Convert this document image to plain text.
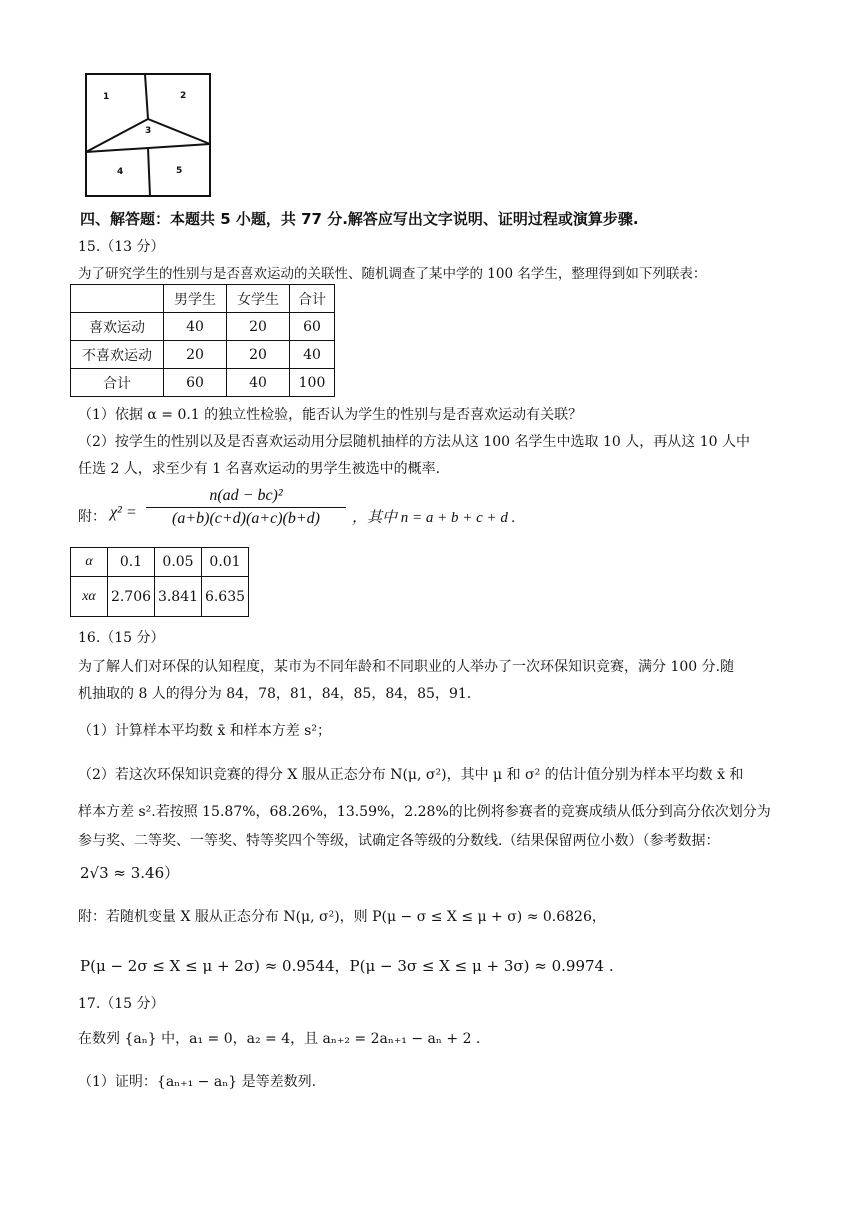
1	2
3
4	5
四、解答题：本题共 5 小题，共 77 分.解答应写出文字说明、证明过程或演算步骤.
15.（13 分）
为了研究学生的性别与是否喜欢运动的关联性、随机调查了某中学的 100 名学生，整理得到如下列联表：
	男学生	女学生	合计
喜欢运动	40	20	60
不喜欢运动	20	20	40
合计	60	40	100
（1）依据 α = 0.1 的独立性检验，能否认为学生的性别与是否喜欢运动有关联？
（2）按学生的性别以及是否喜欢运动用分层随机抽样的方法从这 100 名学生中选取 10 人，再从这 10 人中
任选 2 人，求至少有 1 名喜欢运动的男学生被选中的概率.
附： χ² =
n(ad − bc)²
(a+b)(c+d)(a+c)(b+d)	，其中 n = a + b + c + d .
α	0.1	0.05	0.01
xα	2.706	3.841	6.635
16.（15 分）
为了解人们对环保的认知程度，某市为不同年龄和不同职业的人举办了一次环保知识竞赛，满分 100 分.随
机抽取的 8 人的得分为 84，78，81，84，85，84，85，91.
（1）计算样本平均数 x̄ 和样本方差 s²；
（2）若这次环保知识竞赛的得分 X 服从正态分布 N(μ, σ²)，其中 μ 和 σ² 的估计值分别为样本平均数 x̄ 和
样本方差 s².若按照 15.87%，68.26%，13.59%，2.28%的比例将参赛者的竞赛成绩从低分到高分依次划分为
参与奖、二等奖、一等奖、特等奖四个等级，试确定各等级的分数线.（结果保留两位小数）（参考数据：
2√3 ≈ 3.46）
附：若随机变量 X 服从正态分布 N(μ, σ²)，则 P(μ − σ ≤ X ≤ μ + σ) ≈ 0.6826，
P(μ − 2σ ≤ X ≤ μ + 2σ) ≈ 0.9544，P(μ − 3σ ≤ X ≤ μ + 3σ) ≈ 0.9974 .
17.（15 分）
在数列 {aₙ} 中，a₁ = 0，a₂ = 4，且 aₙ₊₂ = 2aₙ₊₁ − aₙ + 2 .
（1）证明：{aₙ₊₁ − aₙ} 是等差数列.
